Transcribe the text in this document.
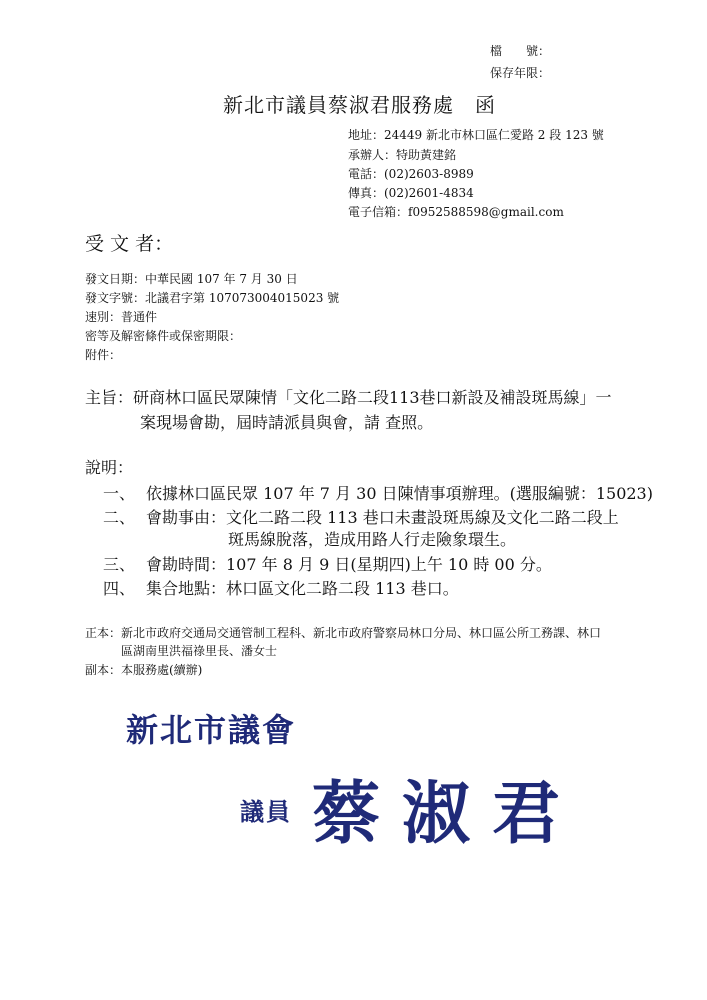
檔　　號：
保存年限：
新北市議員蔡淑君服務處　函
地址：24449 新北市林口區仁愛路 2 段 123 號
承辦人：特助黃建銘
電話：(02)2603-8989
傳真：(02)2601-4834
電子信箱：f0952588598@gmail.com
受 文 者：
發文日期：中華民國 107 年 7 月 30 日
發文字號：北議君字第 107073004015023 號
速別：普通件
密等及解密條件或保密期限：
附件：
主旨：研商林口區民眾陳情「文化二路二段113巷口新設及補設斑馬線」一
案現場會勘，屆時請派員與會，請 查照。
說明：
一、 依據林口區民眾 107 年 7 月 30 日陳情事項辦理。(選服編號：15023)
二、 會勘事由：文化二路二段 113 巷口未畫設斑馬線及文化二路二段上
斑馬線脫落，造成用路人行走險象環生。
三、 會勘時間：107 年 8 月 9 日(星期四)上午 10 時 00 分。
四、 集合地點：林口區文化二路二段 113 巷口。
正本：新北市政府交通局交通管制工程科、新北市政府警察局林口分局、林口區公所工務課、林口
區湖南里洪福祿里長、潘女士
副本：本服務處(續辦)
新北市議會
議員 蔡淑君
